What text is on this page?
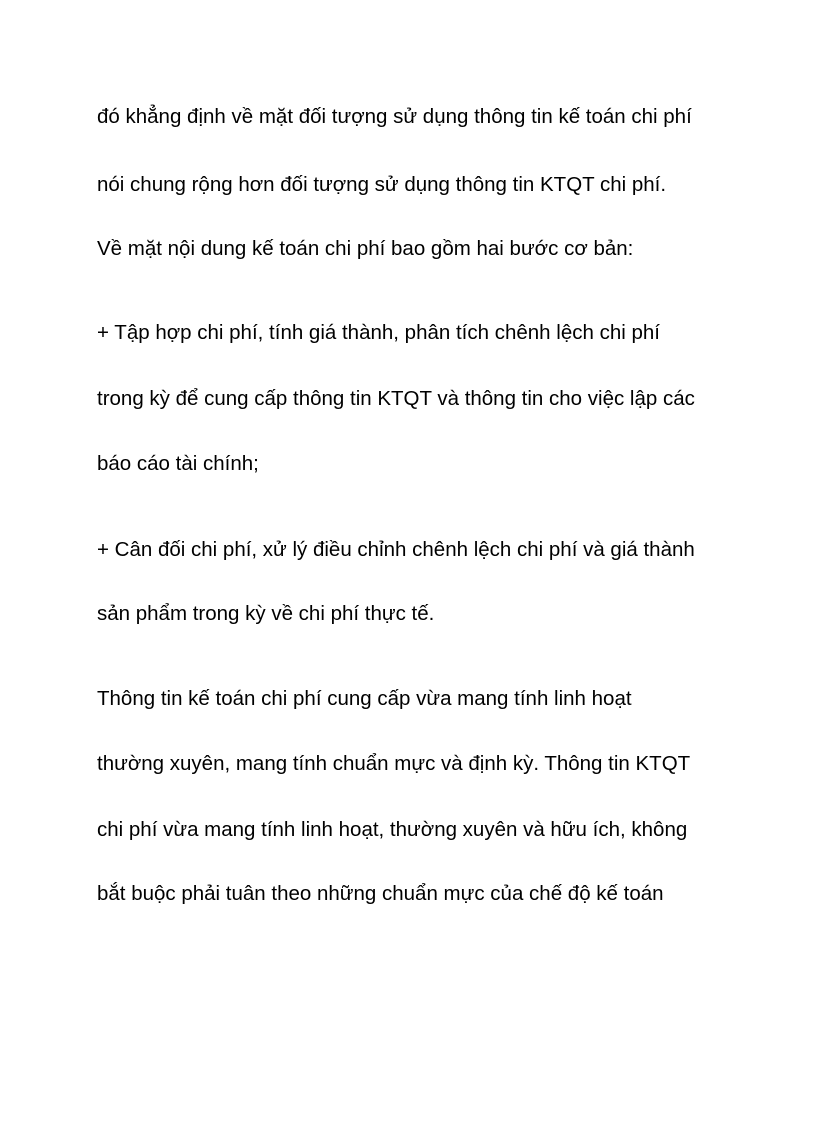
đó khẳng định về mặt đối tượng sử dụng thông tin kế toán chi phí
nói chung rộng hơn đối tượng sử dụng thông tin KTQT chi phí.
Về mặt nội dung kế toán chi phí bao gồm hai bước cơ bản:
+ Tập hợp chi phí, tính giá thành, phân tích chênh lệch chi phí
trong kỳ để cung cấp thông tin KTQT và thông tin cho việc lập các
báo cáo tài chính;
+ Cân đối chi phí, xử lý điều chỉnh chênh lệch chi phí và giá thành
sản phẩm trong kỳ về chi phí thực tế.
Thông tin kế toán chi phí cung cấp vừa mang tính linh hoạt
thường xuyên, mang tính chuẩn mực và định kỳ. Thông tin KTQT
chi phí vừa mang tính linh hoạt, thường xuyên và hữu ích, không
bắt buộc phải tuân theo những chuẩn mực của chế độ kế toán
